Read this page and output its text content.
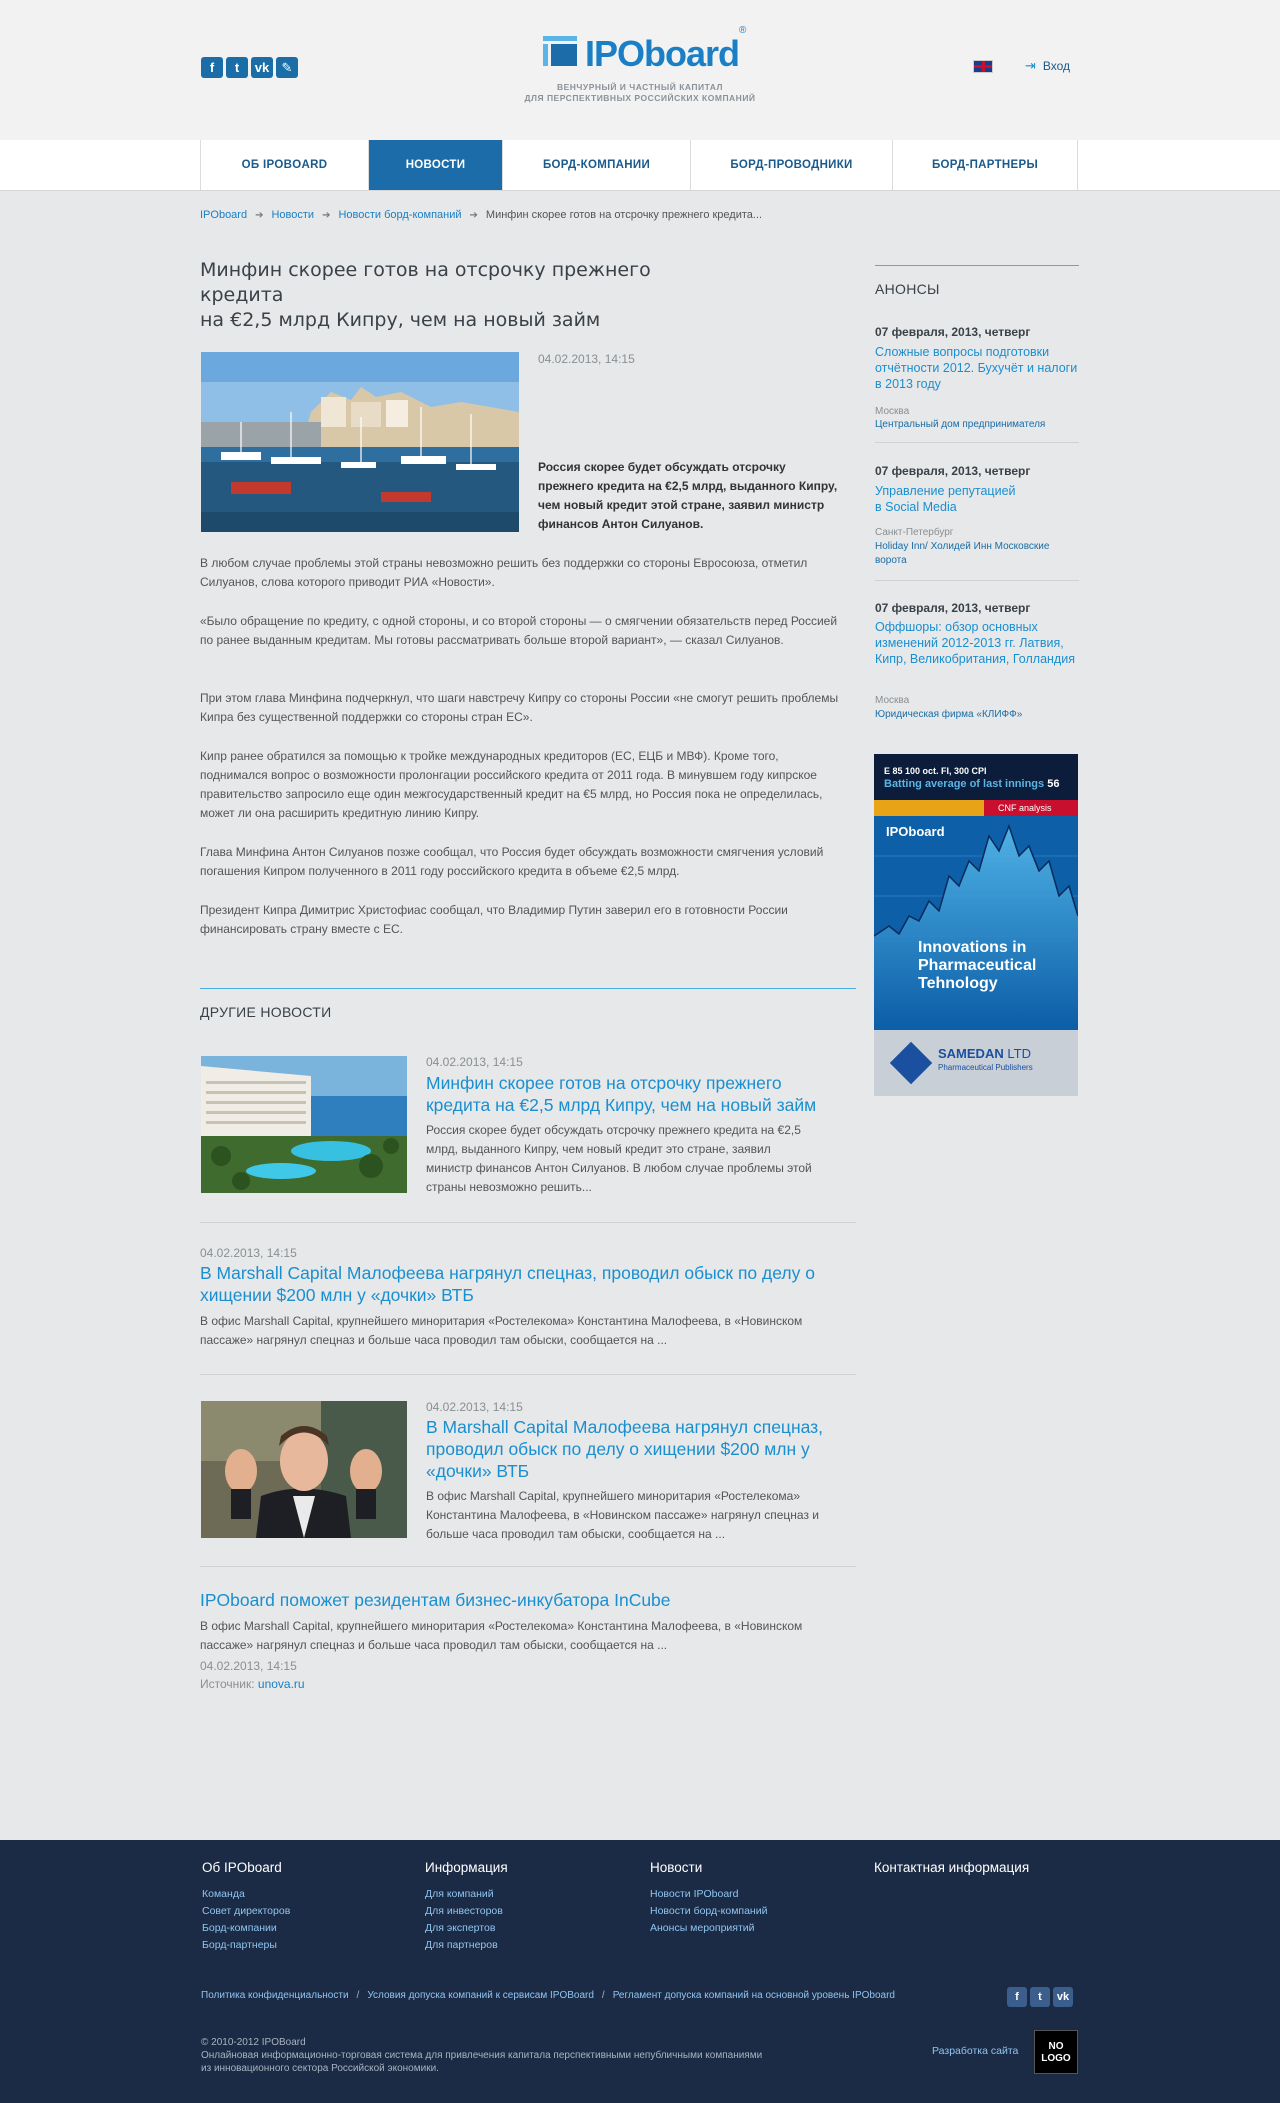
f	t	vk ✎	IPOboard®
ВЕНЧУРНЫЙ И ЧАСТНЫЙ КАПИТАЛ
ДЛЯ ПЕРСПЕКТИВНЫХ РОССИЙСКИХ КОМПАНИЙ
⇥ Вход
ОБ IPOBOARD	НОВОСТИ	БОРД-КОМПАНИИ	БОРД-ПРОВОДНИКИ	БОРД-ПАРТНЕРЫ
IPOboard ➔ Новости ➔ Новости борд-компаний ➔ Минфин скорее готов на отсрочку прежнего кредита...
Минфин скорее готов на отсрочку прежнего кредита
на €2,5 млрд Кипру, чем на новый займ
04.02.2013, 14:15
Россия скорее будет обсуждать отсрочку прежнего кредита на €2,5 млрд, выданного Кипру, чем новый кредит этой стране, заявил министр финансов Антон Силуанов.
В любом случае проблемы этой страны невозможно решить без поддержки со стороны Евросоюза, отметил Силуанов, слова которого приводит РИА «Новости».
«Было обращение по кредиту, с одной стороны, и со второй стороны — о смягчении обязательств перед Россией по ранее выданным кредитам. Мы готовы рассматривать больше второй вариант», — сказал Силуанов.
При этом глава Минфина подчеркнул, что шаги навстречу Кипру со стороны России «не смогут решить проблемы Кипра без существенной поддержки со стороны стран ЕС».
Кипр ранее обратился за помощью к тройке международных кредиторов (ЕС, ЕЦБ и МВФ). Кроме того, поднимался вопрос о возможности пролонгации российского кредита от 2011 года. В минувшем году кипрское правительство запросило еще один межгосударственный кредит на €5 млрд, но Россия пока не определилась, может ли она расширить кредитную линию Кипру.
Глава Минфина Антон Силуанов позже сообщал, что Россия будет обсуждать возможности смягчения условий погашения Кипром полученного в 2011 году российского кредита в объеме €2,5 млрд.
Президент Кипра Димитрис Христофиас сообщал, что Владимир Путин заверил его в готовности России финансировать страну вместе с ЕС.
ДРУГИЕ НОВОСТИ
04.02.2013, 14:15
Минфин скорее готов на отсрочку прежнего кредита на €2,5 млрд Кипру, чем на новый займ
Россия скорее будет обсуждать отсрочку прежнего кредита на €2,5 млрд, выданного Кипру, чем новый кредит это стране, заявил министр финансов Антон Силуанов. В любом случае проблемы этой страны невозможно решить...
04.02.2013, 14:15
В Marshall Capital Малофеева нагрянул спецназ, проводил обыск по делу о хищении $200 млн у «дочки» ВТБ
В офис Marshall Capital, крупнейшего миноритария «Ростелекома» Константина Малофеева, в «Новинском пассаже» нагрянул спецназ и больше часа проводил там обыски, сообщается на ...
04.02.2013, 14:15
В Marshall Capital Малофеева нагрянул спецназ, проводил обыск по делу о хищении $200 млн у «дочки» ВТБ
В офис Marshall Capital, крупнейшего миноритария «Ростелекома» Константина Малофеева, в «Новинском пассаже» нагрянул спецназ и больше часа проводил там обыски, сообщается на ...
IPOboard поможет резидентам бизнес-инкубатора InCube
В офис Marshall Capital, крупнейшего миноритария «Ростелекома» Константина Малофеева, в «Новинском пассаже» нагрянул спецназ и больше часа проводил там обыски, сообщается на ...
04.02.2013, 14:15
Источник: unova.ru
АНОНСЫ
07 февраля, 2013, четверг
Сложные вопросы подготовки отчётности 2012. Бухучёт и налоги в 2013 году
Москва
Центральный дом предпринимателя
07 февраля, 2013, четверг
Управление репутацией в Social Media
Санкт-Петербург
Holiday Inn/ Холидей Инн Московские ворота
07 февраля, 2013, четверг
Оффшоры: обзор основных изменений 2012-2013 гг. Латвия, Кипр, Великобритания, Голландия
Москва
Юридическая фирма «КЛИФФ»
E 85 100 oct. FI, 300 CPI
Batting average of last innings 56
CNF analysis
IPOboard
Innovations in
Pharmaceutical
Tehnology
SAMEDAN LTD
Pharmaceutical Publishers
Об IPOboard
Команда
Совет директоров
Борд-компании
Борд-партнеры
Информация
Для компаний
Для инвесторов
Для экспертов
Для партнеров
Новости
Новости IPOboard
Новости борд-компаний
Анонсы мероприятий
Контактная информация
Политика конфиденциальности / Условия допуска компаний к сервисам IPOBoard / Регламент допуска компаний на основной уровень IPOboard	f	t	vk
© 2010-2012 IPOBoard
Онлайновая информационно-торговая система для привлечения капитала перспективными непубличными компаниями
из инновационного сектора Российской экономики.
Разработка сайта	NO LOGO
